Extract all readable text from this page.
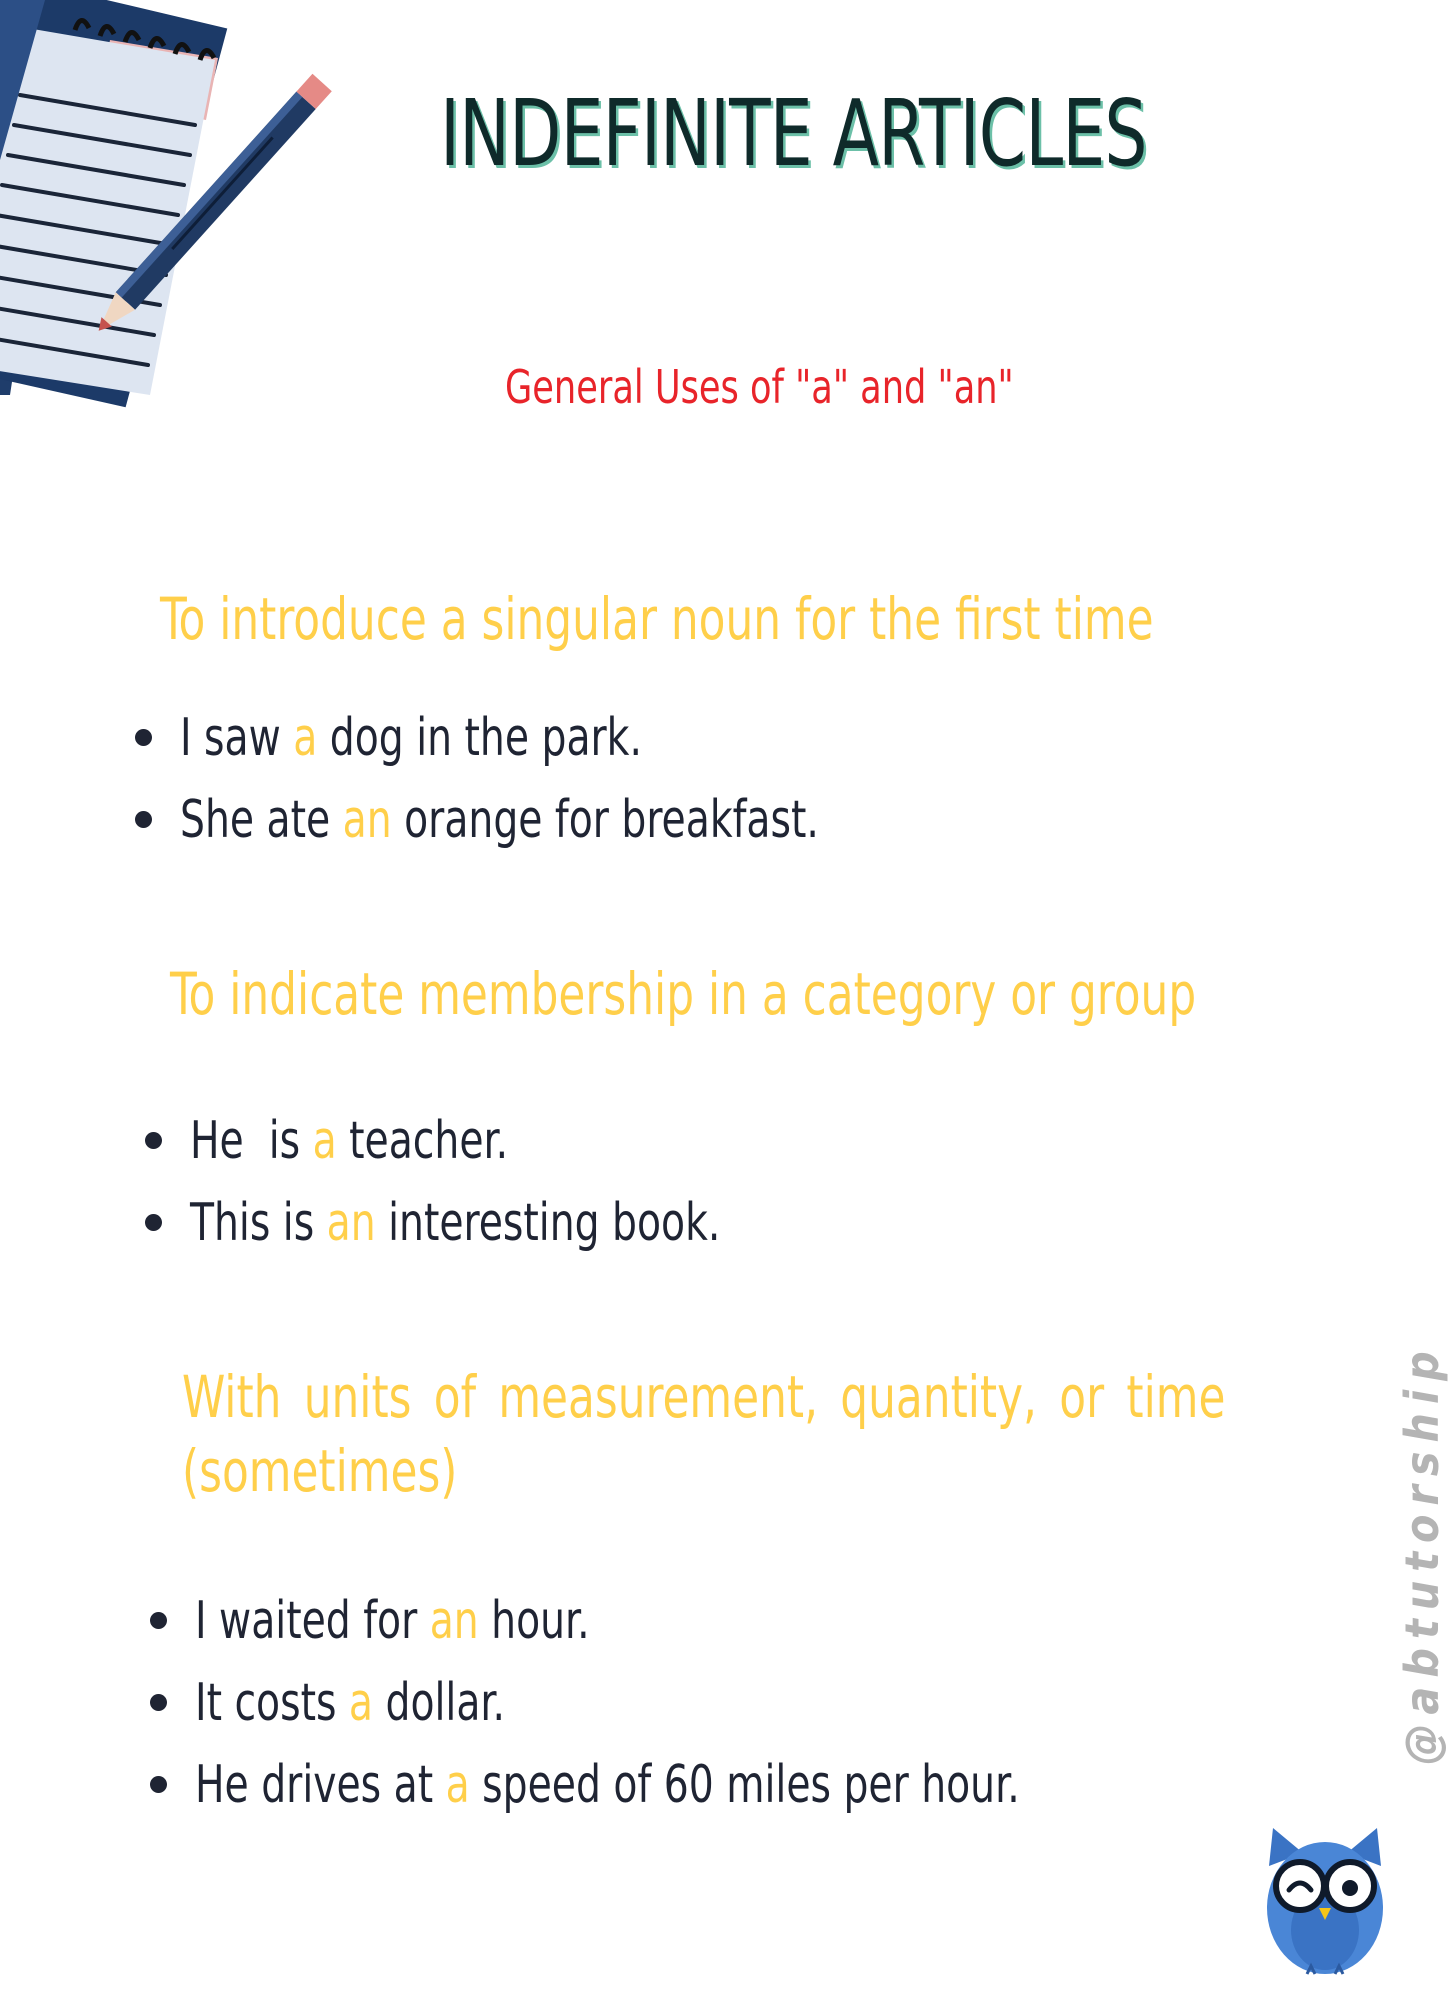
INDEFINITE ARTICLES
General Uses of "a" and "an"
To introduce a singular noun for the first time
I saw a dog in the park.
She ate an orange for breakfast.
To indicate membership in a category or group
He  is a teacher.
This is an interesting book.
With units of measurement, quantity, or time (sometimes)
I waited for an hour.
It costs a dollar.
He drives at a speed of 60 miles per hour.
@abtutorship
